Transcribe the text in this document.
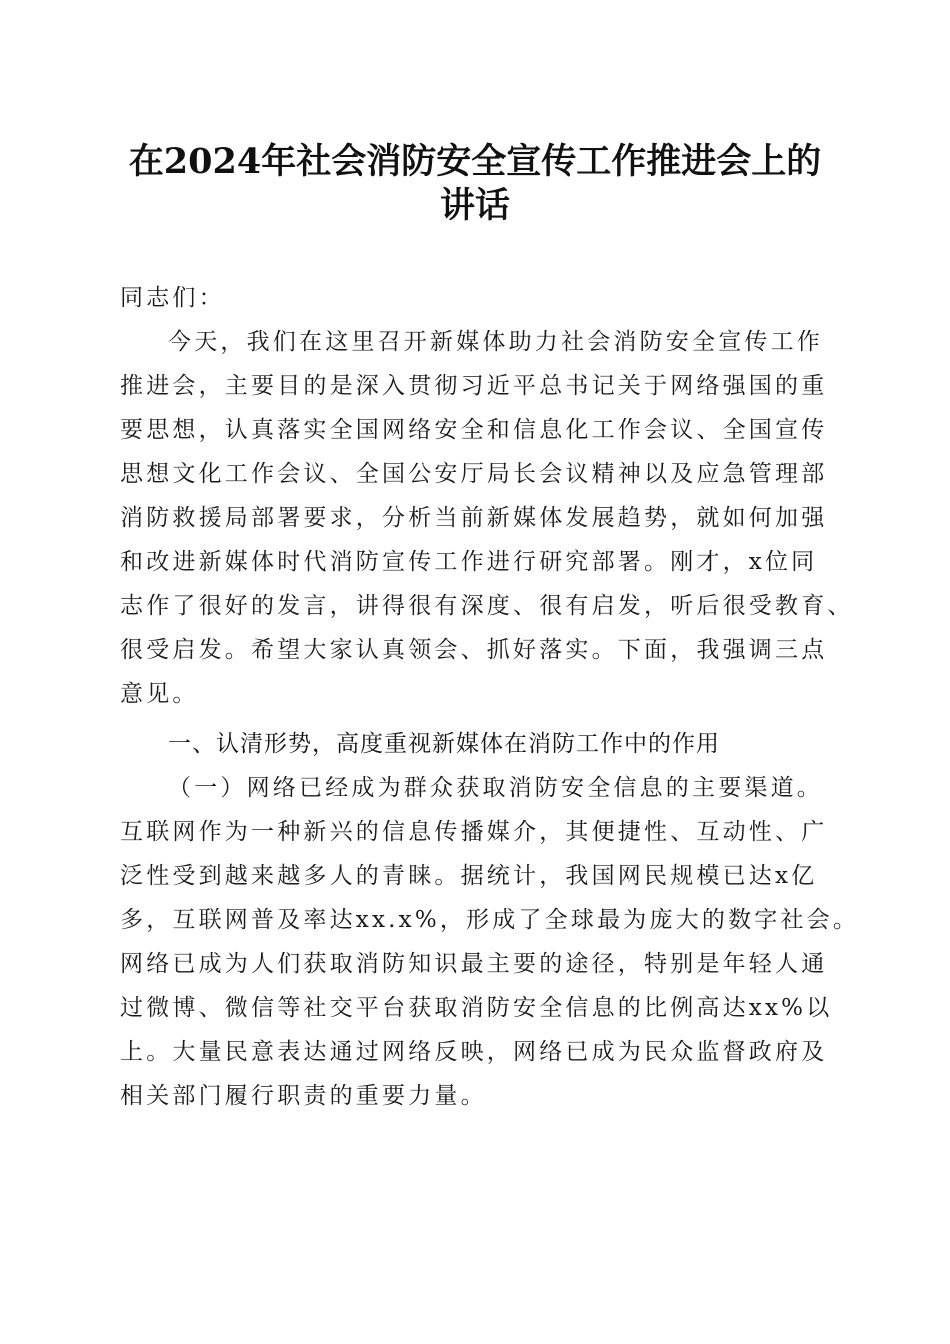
在2024年社会消防安全宣传工作推进会上的
讲话

同志们：

今天，我们在这里召开新媒体助力社会消防安全宣传工作

推进会，主要目的是深入贯彻习近平总书记关于网络强国的重

要思想，认真落实全国网络安全和信息化工作会议、全国宣传

思想文化工作会议、全国公安厅局长会议精神以及应急管理部

消防救援局部署要求，分析当前新媒体发展趋势，就如何加强

和改进新媒体时代消防宣传工作进行研究部署。刚才，x位同

志作了很好的发言，讲得很有深度、很有启发，听后很受教育、

很受启发。希望大家认真领会、抓好落实。下面，我强调三点

意见。

一、认清形势，高度重视新媒体在消防工作中的作用

（一）网络已经成为群众获取消防安全信息的主要渠道。

互联网作为一种新兴的信息传播媒介，其便捷性、互动性、广

泛性受到越来越多人的青睐。据统计，我国网民规模已达x亿

多，互联网普及率达xx.x%，形成了全球最为庞大的数字社会。

网络已成为人们获取消防知识最主要的途径，特别是年轻人通

过微博、微信等社交平台获取消防安全信息的比例高达xx%以

上。大量民意表达通过网络反映，网络已成为民众监督政府及

相关部门履行职责的重要力量。
